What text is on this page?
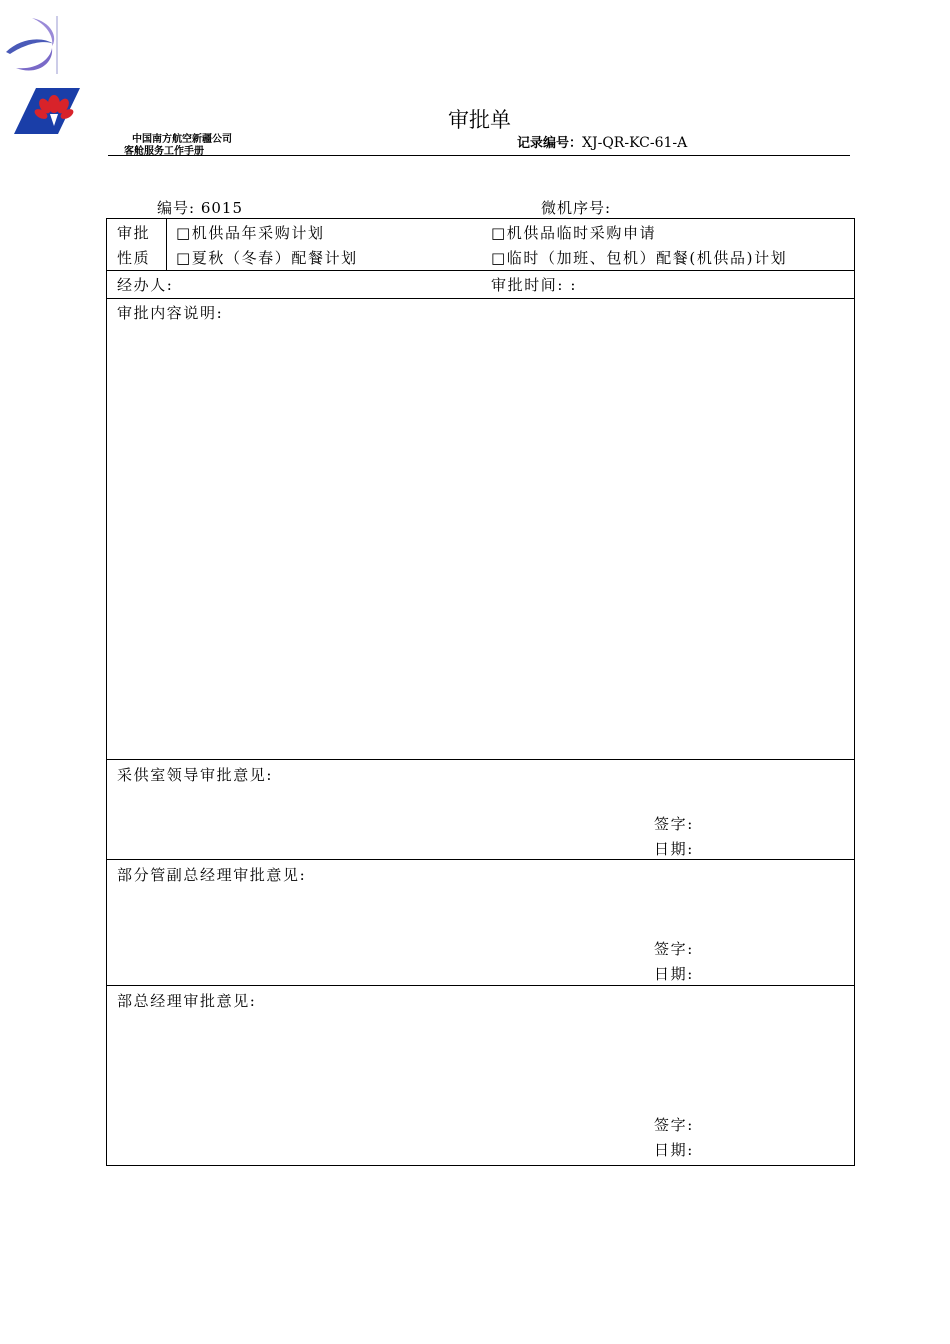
中国南方航空新疆公司
客舱服务工作手册
审批单
记录编号：XJ-QR-KC-61-A
编号: 6015	微机序号:
审批
性质
□机供品年采购计划	□机供品临时采购申请
□夏秋（冬春）配餐计划	□临时（加班、包机）配餐(机供品)计划
经办人:	审批时间: :
审批内容说明:
采供室领导审批意见:
签字:
日期:
部分管副总经理审批意见:
签字:
日期:
部总经理审批意见:
签字:
日期:
